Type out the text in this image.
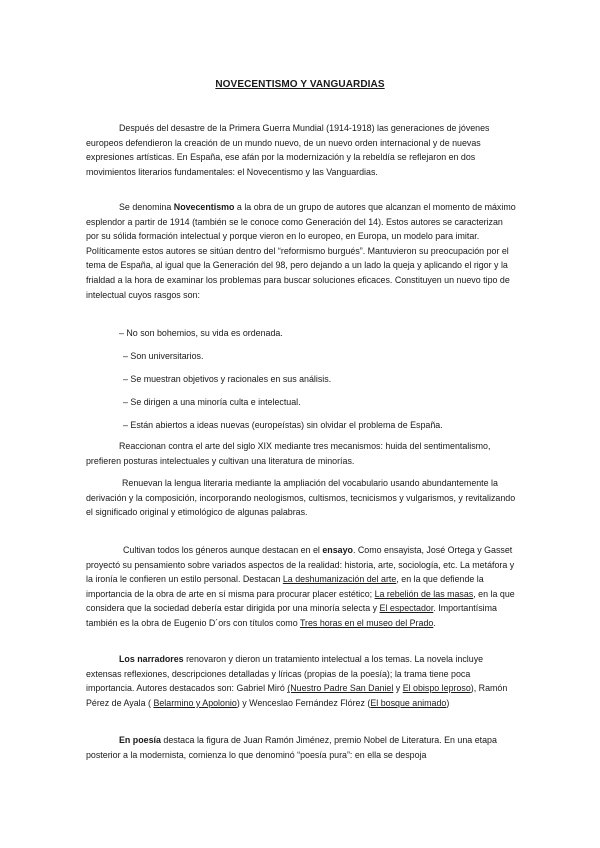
NOVECENTISMO Y VANGUARDIAS

Después del desastre de la Primera Guerra Mundial (1914-1918) las generaciones de jóvenes europeos defendieron la creación de un mundo nuevo, de un nuevo orden internacional y de nuevas expresiones artísticas. En España, ese afán por la modernización y la rebeldía se reflejaron en dos movimientos literarios fundamentales: el Novecentismo y las Vanguardias.

Se denomina Novecentismo a la obra de un grupo de autores que alcanzan el momento de máximo esplendor a partir de 1914 (también se le conoce como Generación del 14). Estos autores se caracterizan por su sólida formación intelectual y porque vieron en lo europeo, en Europa, un modelo para imitar. Políticamente estos autores se sitúan dentro del “reformismo burgués”. Mantuvieron su preocupación por el tema de España, al igual que la Generación del 98, pero dejando a un lado la queja y aplicando el rigor y la frialdad a la hora de examinar los problemas para buscar soluciones eficaces. Constituyen un nuevo tipo de intelectual cuyos rasgos son:

– No son bohemios, su vida es ordenada.

– Son universitarios.

– Se muestran objetivos y racionales en sus análisis.

– Se dirigen a una minoría culta e intelectual.

– Están abiertos a ideas nuevas (europeístas) sin olvidar el problema de España.

Reaccionan contra el arte del siglo XIX mediante tres mecanismos: huida del sentimentalismo, prefieren posturas intelectuales y cultivan una literatura de minorías.

Renuevan la lengua literaria mediante la ampliación del vocabulario usando abundantemente la derivación y la composición, incorporando neologismos, cultismos, tecnicismos y vulgarismos, y revitalizando el significado original y etimológico de algunas palabras.

Cultivan todos los géneros aunque destacan en el ensayo. Como ensayista, José Ortega y Gasset proyectó su pensamiento sobre variados aspectos de la realidad: historia, arte, sociología, etc. La metáfora y la ironía le confieren un estilo personal. Destacan La deshumanización del arte, en la que defiende la importancia de la obra de arte en sí misma para procurar placer estético; La rebelión de las masas, en la que considera que la sociedad debería estar dirigida por una minoría selecta y El espectador. Importantísima también es la obra de Eugenio D´ors con títulos como Tres horas en el museo del Prado.

Los narradores renovaron y dieron un tratamiento intelectual a los temas. La novela incluye extensas reflexiones, descripciones detalladas y líricas (propias de la poesía); la trama tiene poca importancia. Autores destacados son: Gabriel Miró (Nuestro Padre San Daniel y El obispo leproso), Ramón Pérez de Ayala ( Belarmino y Apolonio) y Wenceslao Fernández Flórez (El bosque animado)

En poesía destaca la figura de Juan Ramón Jiménez, premio Nobel de Literatura. En una etapa posterior a la modernista, comienza lo que denominó “poesía pura”: en ella se despoja
